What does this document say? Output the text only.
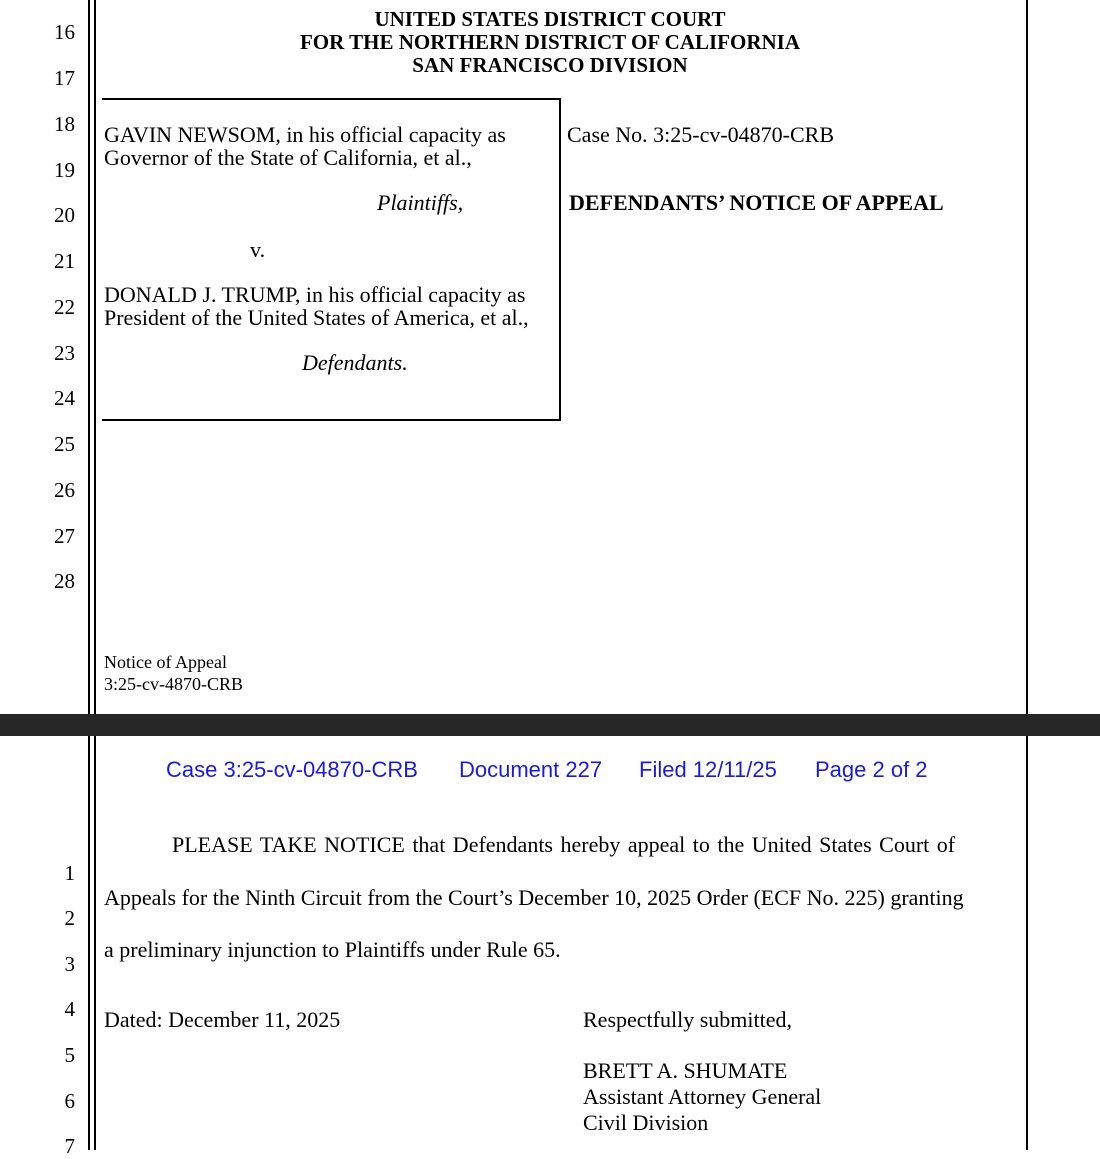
16
17
18
19
20
21
22
23
24
25
26
27
28
UNITED STATES DISTRICT COURT
FOR THE NORTHERN DISTRICT OF CALIFORNIA
SAN FRANCISCO DIVISION
GAVIN NEWSOM, in his official capacity as
Governor of the State of California, et al.,
Plaintiffs,
v.
DONALD J. TRUMP, in his official capacity as
President of the United States of America, et al.,
Defendants.
Case No. 3:25-cv-04870-CRB
DEFENDANTS’ NOTICE OF APPEAL
Notice of Appeal
3:25-cv-4870-CRB
Case 3:25-cv-04870-CRB Document 227 Filed 12/11/25 Page 2 of 2
1
2
3
4
5
6
7
PLEASE TAKE NOTICE that Defendants hereby appeal to the United States Court of
Appeals for the Ninth Circuit from the Court’s December 10, 2025 Order (ECF No. 225) granting
a preliminary injunction to Plaintiffs under Rule 65.
Dated: December 11, 2025	Respectfully submitted,
BRETT A. SHUMATE
Assistant Attorney General
Civil Division
